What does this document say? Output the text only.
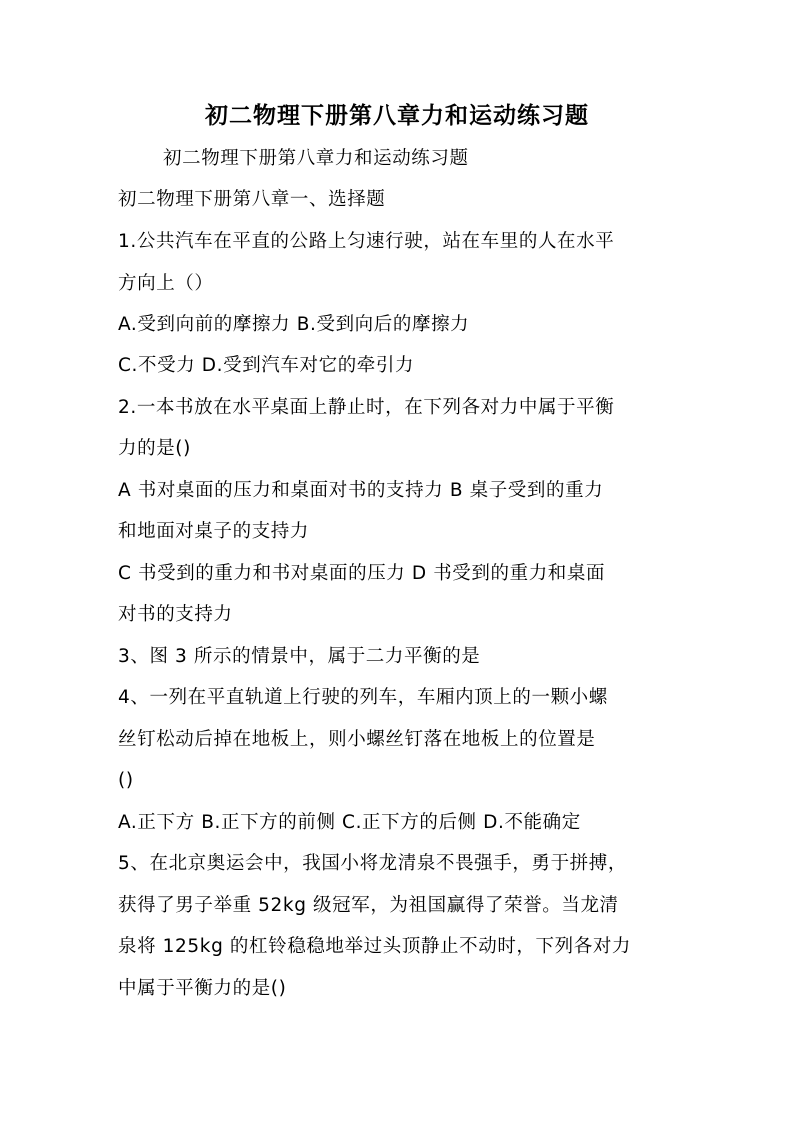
初二物理下册第八章力和运动练习题
初二物理下册第八章力和运动练习题
初二物理下册第八章一、选择题
1.公共汽车在平直的公路上匀速行驶，站在车里的人在水平
方向上（）
A.受到向前的摩擦力 B.受到向后的摩擦力
C.不受力 D.受到汽车对它的牵引力
2.一本书放在水平桌面上静止时，在下列各对力中属于平衡
力的是()
A 书对桌面的压力和桌面对书的支持力 B 桌子受到的重力
和地面对桌子的支持力
C 书受到的重力和书对桌面的压力 D 书受到的重力和桌面
对书的支持力
3、图 3 所示的情景中，属于二力平衡的是
4、一列在平直轨道上行驶的列车，车厢内顶上的一颗小螺
丝钉松动后掉在地板上，则小螺丝钉落在地板上的位置是
()
A.正下方 B.正下方的前侧 C.正下方的后侧 D.不能确定
5、在北京奥运会中，我国小将龙清泉不畏强手，勇于拼搏，
获得了男子举重 52kg 级冠军，为祖国赢得了荣誉。当龙清
泉将 125kg 的杠铃稳稳地举过头顶静止不动时，下列各对力
中属于平衡力的是()
